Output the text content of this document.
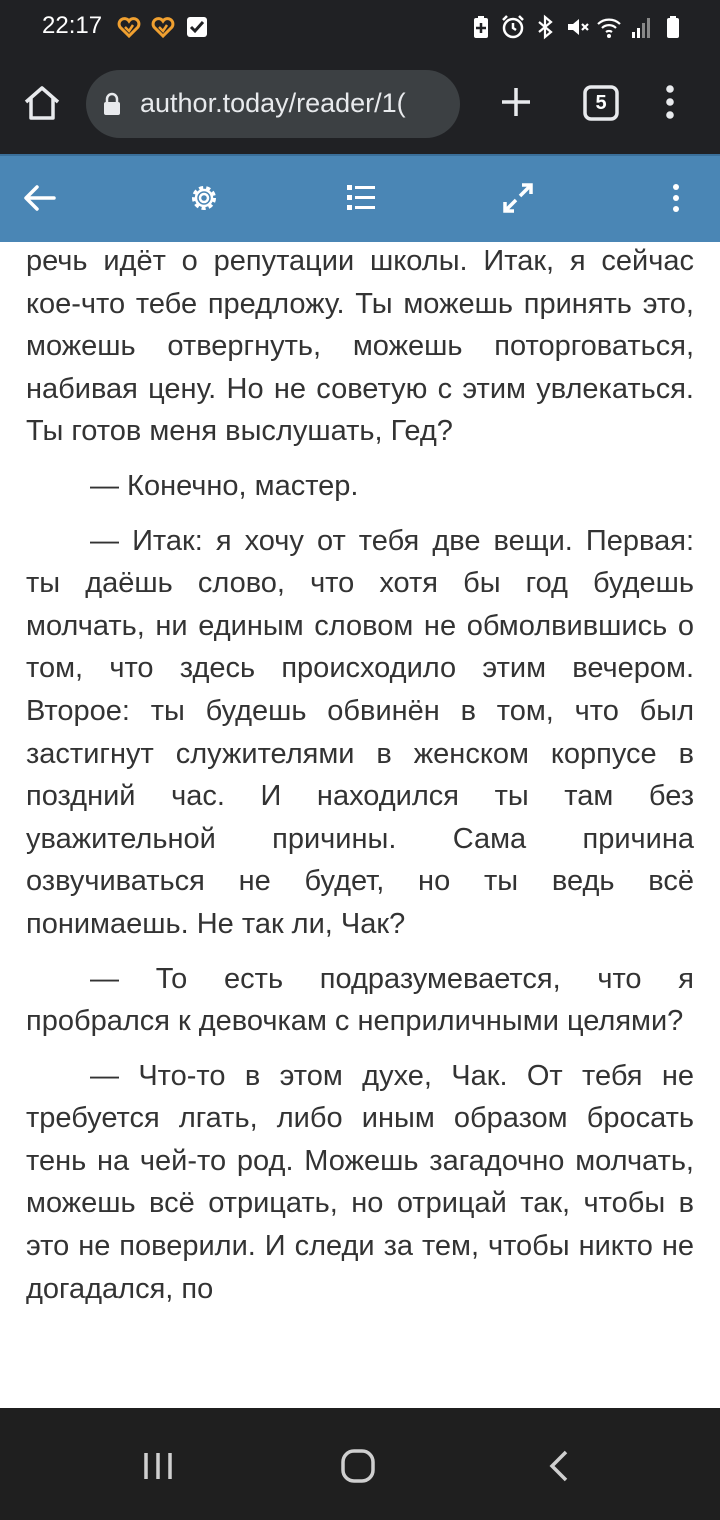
22:17
author.today/reader/1(	5

речь идёт о репутации школы. Итак, я сейчас кое-что тебе предложу. Ты можешь принять это, можешь отвергнуть, можешь поторговаться, набивая цену. Но не советую с этим увлекаться. Ты готов меня выслушать, Гед?

— Конечно, мастер.

— Итак: я хочу от тебя две вещи. Первая: ты даёшь слово, что хотя бы год будешь молчать, ни единым словом не обмолвившись о том, что здесь происходило этим вечером. Второе: ты будешь обвинён в том, что был застигнут служителями в женском корпусе в поздний час. И находился ты там без уважительной причины. Сама причина озвучиваться не будет, но ты ведь всё понимаешь. Не так ли, Чак?

— То есть подразумевается, что я пробрался к девочкам с неприличными целями?

— Что-то в этом духе, Чак. От тебя не требуется лгать, либо иным образом бросать тень на чей-то род. Можешь загадочно молчать, можешь всё отрицать, но отрицай так, чтобы в это не поверили. И следи за тем, чтобы никто не догадался, по
